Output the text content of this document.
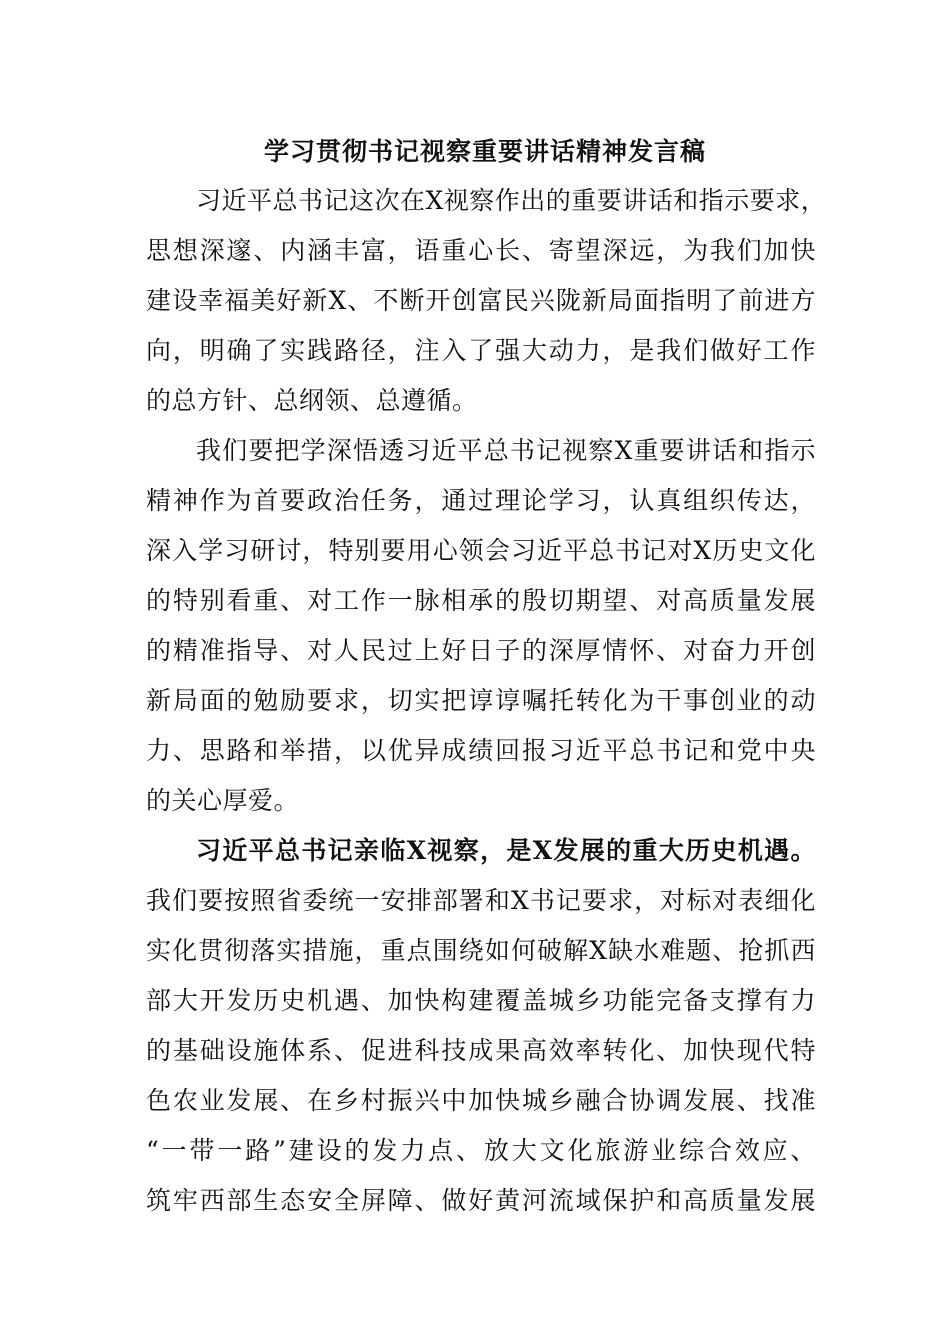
学习贯彻书记视察重要讲话精神发言稿
习近平总书记这次在X视察作出的重要讲话和指示要求，
思想深邃、内涵丰富，语重心长、寄望深远，为我们加快
建设幸福美好新X、不断开创富民兴陇新局面指明了前进方
向，明确了实践路径，注入了强大动力，是我们做好工作
的总方针、总纲领、总遵循。
我们要把学深悟透习近平总书记视察X重要讲话和指示
精神作为首要政治任务，通过理论学习，认真组织传达，
深入学习研讨，特别要用心领会习近平总书记对X历史文化
的特别看重、对工作一脉相承的殷切期望、对高质量发展
的精准指导、对人民过上好日子的深厚情怀、对奋力开创
新局面的勉励要求，切实把谆谆嘱托转化为干事创业的动
力、思路和举措，以优异成绩回报习近平总书记和党中央
的关心厚爱。
习近平总书记亲临X视察，是X发展的重大历史机遇。
我们要按照省委统一安排部署和X书记要求，对标对表细化
实化贯彻落实措施，重点围绕如何破解X缺水难题、抢抓西
部大开发历史机遇、加快构建覆盖城乡功能完备支撑有力
的基础设施体系、促进科技成果高效率转化、加快现代特
色农业发展、在乡村振兴中加快城乡融合协调发展、找准
“一带一路”建设的发力点、放大文化旅游业综合效应、
筑牢西部生态安全屏障、做好黄河流域保护和高质量发展
